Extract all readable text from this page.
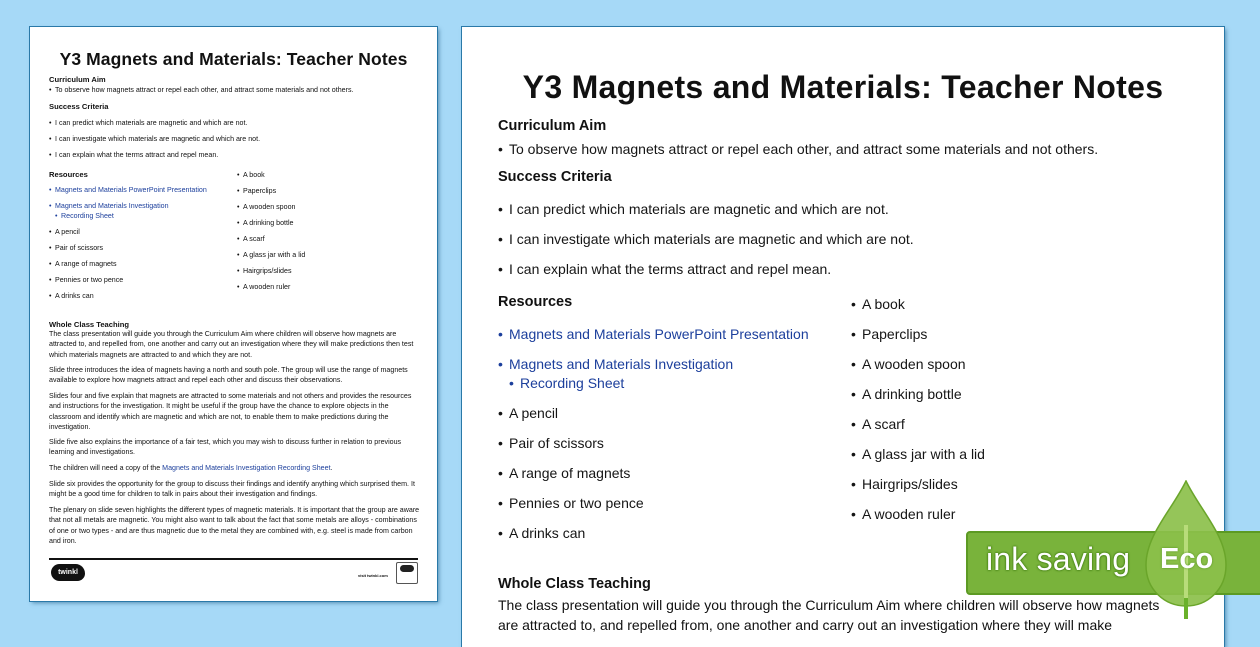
Y3 Magnets and Materials: Teacher Notes
Curriculum Aim
• To observe how magnets attract or repel each other, and attract some materials and not others.
Success Criteria
• I can predict which materials are magnetic and which are not.
• I can investigate which materials are magnetic and which are not.
• I can explain what the terms attract and repel mean.
Resources
• Magnets and Materials PowerPoint Presentation
• Magnets and Materials Investigation
• Recording Sheet
• A pencil
• Pair of scissors
• A range of magnets
• Pennies or two pence
• A drinks can
• A book
• Paperclips
• A wooden spoon
• A drinking bottle
• A scarf
• A glass jar with a lid
• Hairgrips/slides
• A wooden ruler
Whole Class Teaching
The class presentation will guide you through the Curriculum Aim where children will observe how magnets are attracted to, and repelled from, one another and carry out an investigation where they will make predictions then test which materials magnets are attracted to and which they are not.
Slide three introduces the idea of magnets having a north and south pole. The group will use the range of magnets available to explore how magnets attract and repel each other and discuss their observations.
Slides four and five explain that magnets are attracted to some materials and not others and provides the resources and instructions for the investigation. It might be useful if the group have the chance to explore objects in the classroom and identify which are magnetic and which are not, to enable them to make predictions during the investigation.
Slide five also explains the importance of a fair test, which you may wish to discuss further in relation to previous learning and investigations.
The children will need a copy of the Magnets and Materials Investigation Recording Sheet.
Slide six provides the opportunity for the group to discuss their findings and identify anything which surprised them. It might be a good time for children to talk in pairs about their investigation and findings.
The plenary on slide seven highlights the different types of magnetic materials. It is important that the group are aware that not all metals are magnetic. You might also want to talk about the fact that some metals are alloys - combinations of one or two types - and are thus magnetic due to the metal they are combined with, e.g. steel is made from carbon and iron.
twinkl	visit twinkl.com
Y3 Magnets and Materials: Teacher Notes
Curriculum Aim
• To observe how magnets attract or repel each other, and attract some materials and not others.
Success Criteria
• I can predict which materials are magnetic and which are not.
• I can investigate which materials are magnetic and which are not.
• I can explain what the terms attract and repel mean.
Resources
• Magnets and Materials PowerPoint Presentation
• Magnets and Materials Investigation
• Recording Sheet
• A pencil
• Pair of scissors
• A range of magnets
• Pennies or two pence
• A drinks can
• A book
• Paperclips
• A wooden spoon
• A drinking bottle
• A scarf
• A glass jar with a lid
• Hairgrips/slides
• A wooden ruler
Whole Class Teaching
The class presentation will guide you through the Curriculum Aim where children will observe how magnets
are attracted to, and repelled from, one another and carry out an investigation where they will make
ink saving Eco
